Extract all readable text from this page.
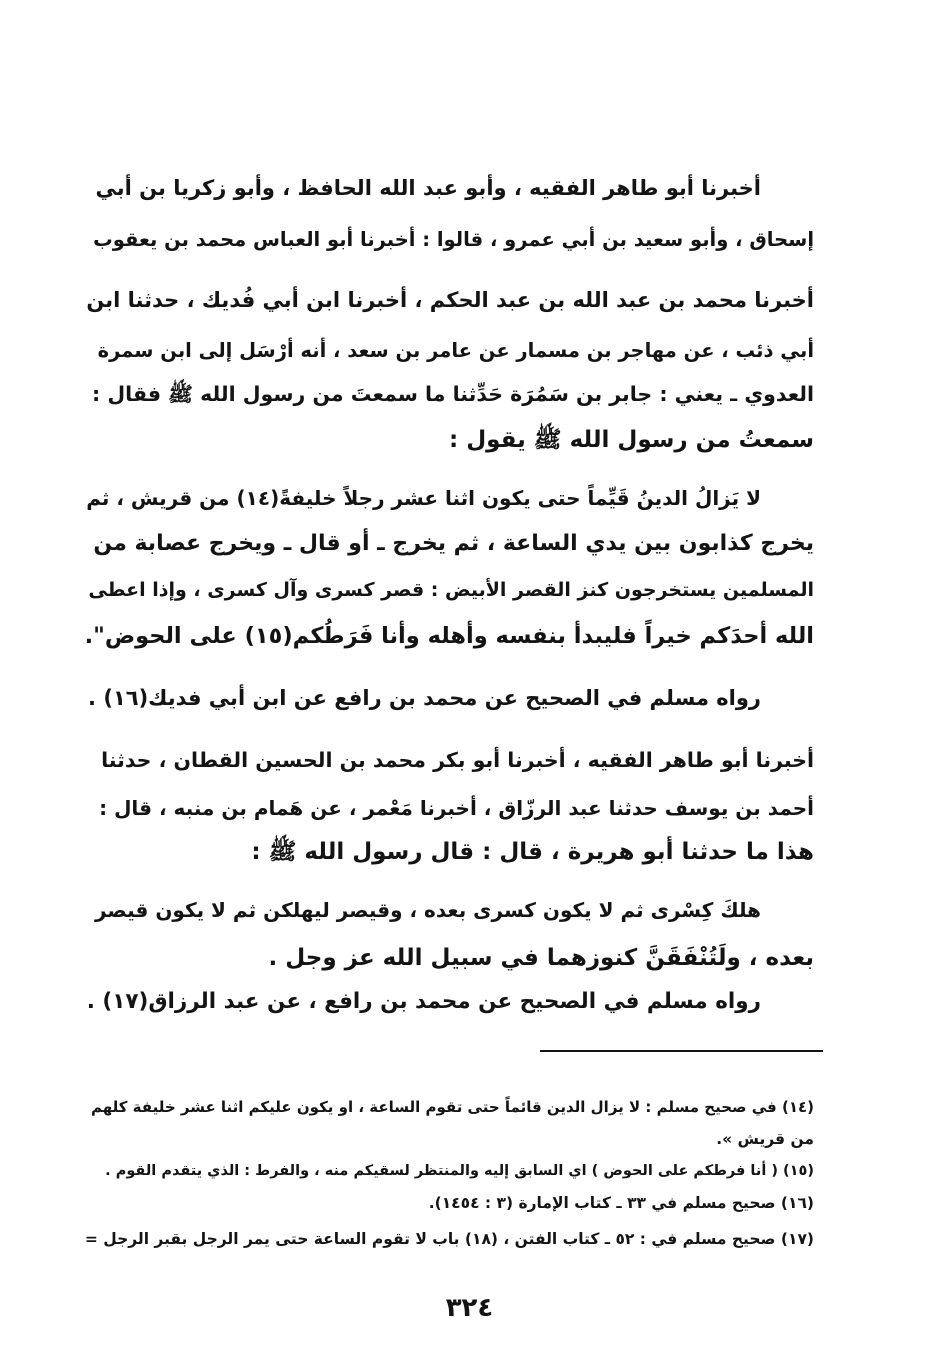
أخبرنا أبو طاهر الفقيه ، وأبو عبد الله الحافظ ، وأبو زكريا بن أبي
إسحاق ، وأبو سعيد بن أبي عمرو ، قالوا : أخبرنا أبو العباس محمد بن يعقوب
أخبرنا محمد بن عبد الله بن عبد الحكم ، أخبرنا ابن أبي فُديك ، حدثنا ابن
أبي ذئب ، عن مهاجر بن مسمار عن عامر بن سعد ، أنه أرْسَل إلى ابن سمرة
العدوي ـ يعني : جابر بن سَمُرَة حَدِّثنا ما سمعتَ من رسول الله ﷺ فقال :
سمعتُ من رسول الله ﷺ يقول :
لا يَزالُ الدينُ قَيِّماً حتى يكون اثنا عشر رجلاً خليفةً(١٤) من قريش ، ثم
يخرج كذابون بين يدي الساعة ، ثم يخرج ـ أو قال ـ ويخرج عصابة من
المسلمين يستخرجون كنز القصر الأبيض : قصر كسرى وآل كسرى ، وإذا اعطى
الله أحدَكم خيراً فليبدأ بنفسه وأهله وأنا فَرَطُكم(١٥) على الحوض".
رواه مسلم في الصحيح عن محمد بن رافع عن ابن أبي فديك(١٦) .
أخبرنا أبو طاهر الفقيه ، أخبرنا أبو بكر محمد بن الحسين القطان ، حدثنا
أحمد بن يوسف حدثنا عبد الرزّاق ، أخبرنا مَعْمر ، عن هَمام بن منبه ، قال :
هذا ما حدثنا أبو هريرة ، قال : قال رسول الله ﷺ :
هلكَ كِسْرى ثم لا يكون كسرى بعده ، وقيصر ليهلكن ثم لا يكون قيصر
بعده ، ولَتُنْفَقَنَّ كنوزهما في سبيل الله عز وجل .
رواه مسلم في الصحيح عن محمد بن رافع ، عن عبد الرزاق(١٧) .
(١٤) في صحيح مسلم : لا يزال الدين قائماً حتى تقوم الساعة ، او يكون عليكم اثنا عشر خليفة كلهم
من قريش ».
(١٥) ( أنا فرطكم على الحوض ) اي السابق إليه والمنتظر لسقيكم منه ، والفرط : الذي يتقدم القوم .
(١٦) صحيح مسلم في ٣٣ ـ كتاب الإمارة (٣ : ١٤٥٤).
(١٧) صحيح مسلم في : ٥٢ ـ كتاب الفتن ، (١٨) باب لا تقوم الساعة حتى يمر الرجل بقبر الرجل =
٣٢٤
